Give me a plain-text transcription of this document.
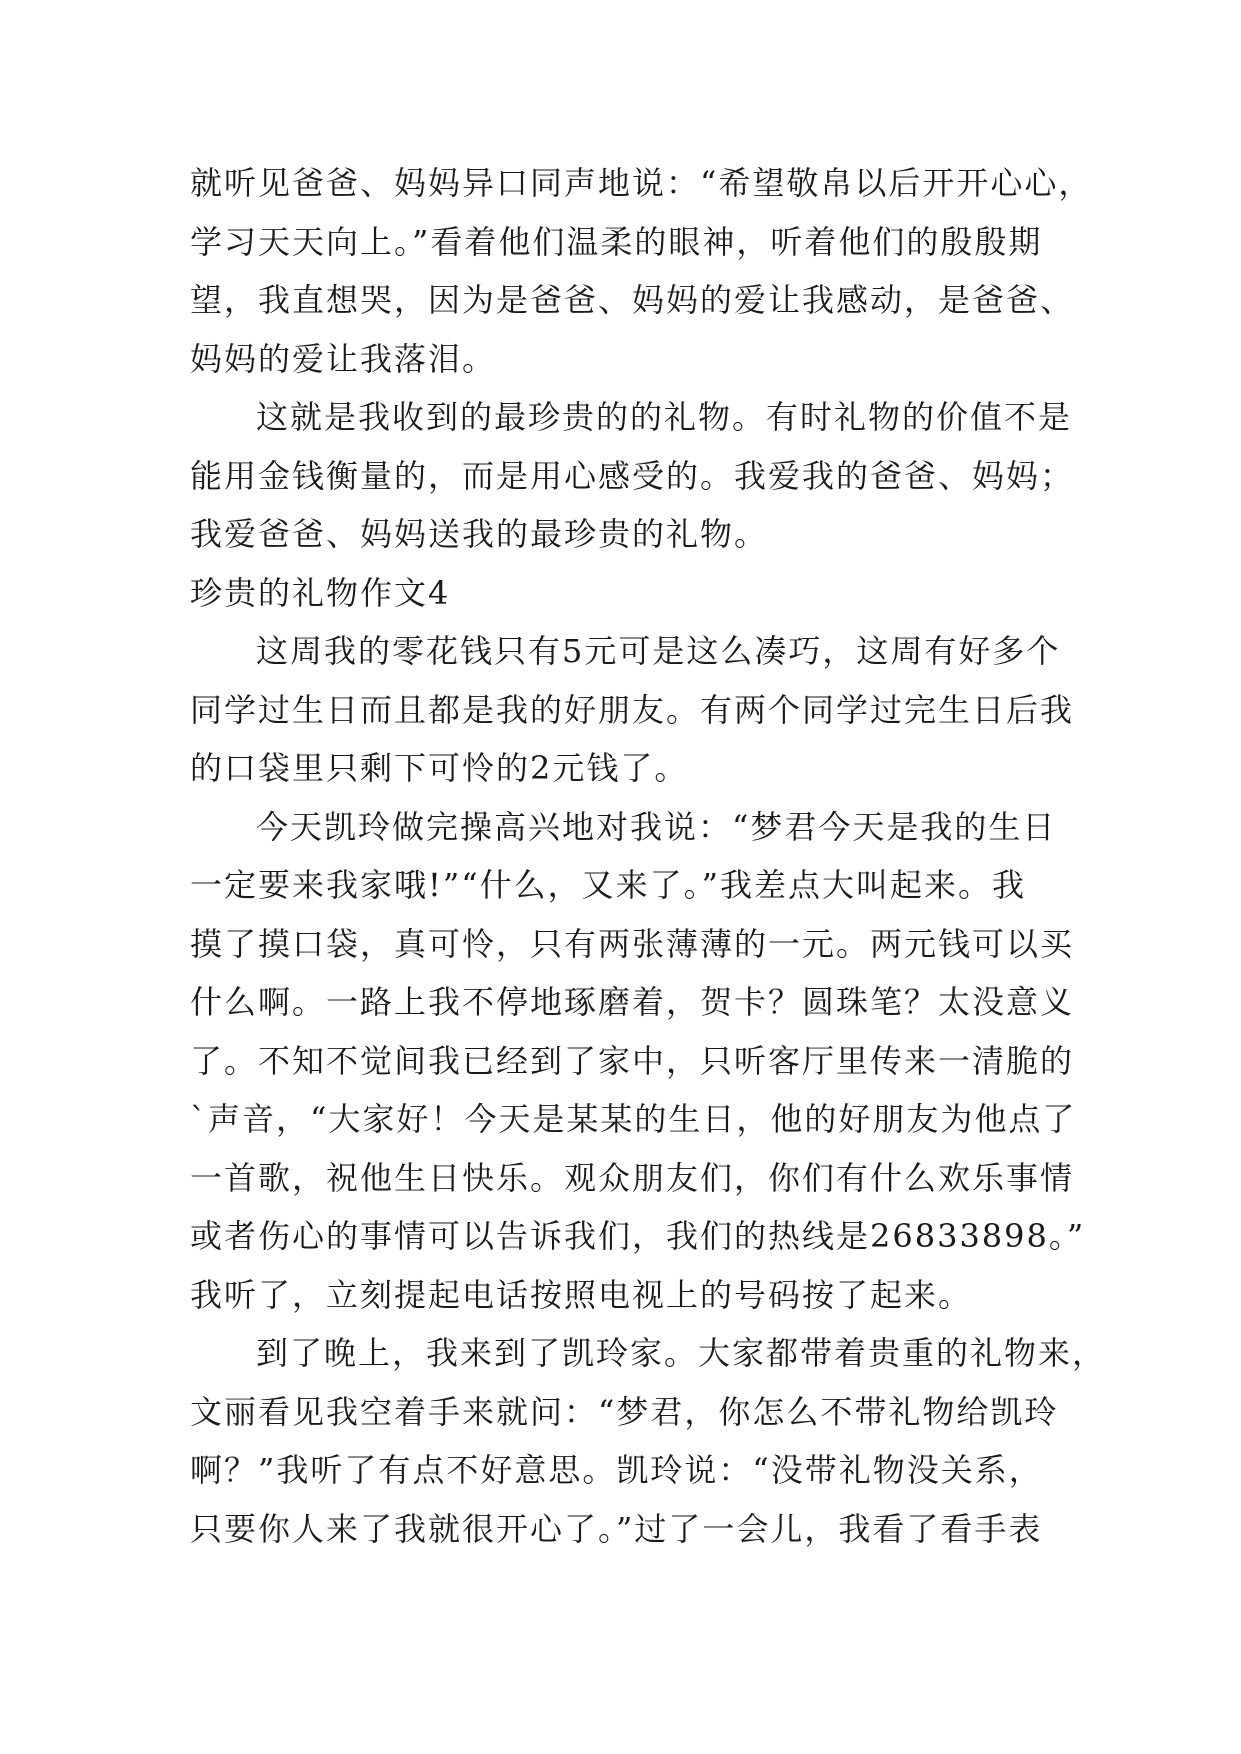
就听见爸爸、妈妈异口同声地说：“希望敬帛以后开开心心，
学习天天向上。”看着他们温柔的眼神，听着他们的殷殷期
望，我直想哭，因为是爸爸、妈妈的爱让我感动，是爸爸、
妈妈的爱让我落泪。
这就是我收到的最珍贵的的礼物。有时礼物的价值不是
能用金钱衡量的，而是用心感受的。我爱我的爸爸、妈妈；
我爱爸爸、妈妈送我的最珍贵的礼物。
珍贵的礼物作文4
这周我的零花钱只有5元可是这么凑巧，这周有好多个
同学过生日而且都是我的好朋友。有两个同学过完生日后我
的口袋里只剩下可怜的2元钱了。
今天凯玲做完操高兴地对我说：“梦君今天是我的生日
一定要来我家哦!”“什么，又来了。”我差点大叫起来。我
摸了摸口袋，真可怜，只有两张薄薄的一元。两元钱可以买
什么啊。一路上我不停地琢磨着，贺卡？圆珠笔？太没意义
了。不知不觉间我已经到了家中，只听客厅里传来一清脆的
`声音，“大家好！今天是某某的生日，他的好朋友为他点了
一首歌，祝他生日快乐。观众朋友们，你们有什么欢乐事情
或者伤心的事情可以告诉我们，我们的热线是26833898。”
我听了，立刻提起电话按照电视上的号码按了起来。
到了晚上，我来到了凯玲家。大家都带着贵重的礼物来，
文丽看见我空着手来就问：“梦君，你怎么不带礼物给凯玲
啊？”我听了有点不好意思。凯玲说：“没带礼物没关系，
只要你人来了我就很开心了。”过了一会儿，我看了看手表
